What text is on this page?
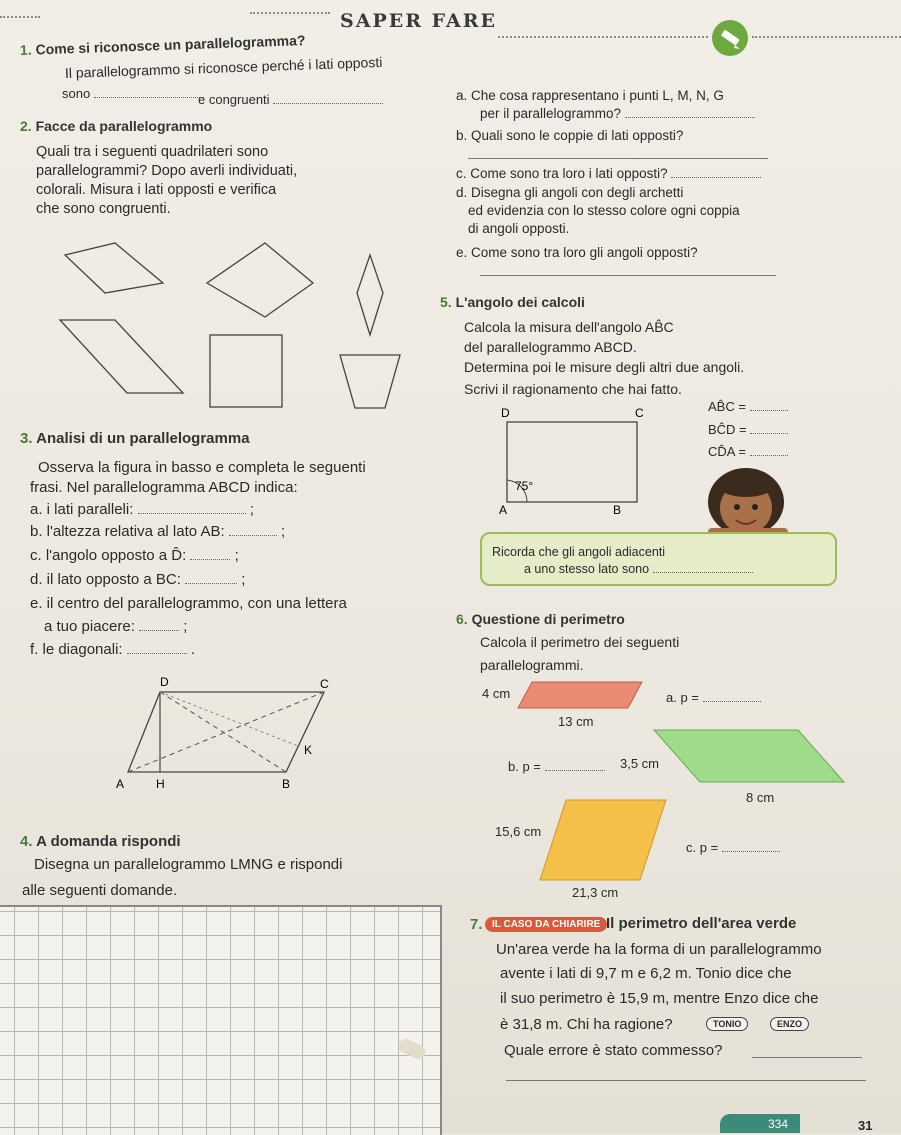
SAPER FARE
1. Come si riconosce un parallelogramma?
Il parallelogrammo si riconosce perché i lati opposti
sono	e congruenti
2. Facce da parallelogrammo
Quali tra i seguenti quadrilateri sono
parallelogrammi? Dopo averli individuati,
colorali. Misura i lati opposti e verifica
che sono congruenti.
a. Che cosa rappresentano i punti L, M, N, G
per il parallelogrammo?
b. Quali sono le coppie di lati opposti?
c. Come sono tra loro i lati opposti?
d. Disegna gli angoli con degli archetti
ed evidenzia con lo stesso colore ogni coppia
di angoli opposti.
e. Come sono tra loro gli angoli opposti?
5. L'angolo dei calcoli
Calcola la misura dell'angolo AB̂C
del parallelogrammo ABCD.
Determina poi le misure degli altri due angoli.
Scrivi il ragionamento che hai fatto.
D	C
A	B
75°
AB̂C =
BĈD =
CD̂A =
Ricorda che gli angoli adiacenti
a uno stesso lato sono
3. Analisi di un parallelogramma
Osserva la figura in basso e completa le seguenti
frasi. Nel parallelogramma ABCD indica:
a. i lati paralleli:	;
b. l'altezza relativa al lato AB:	;
c. l'angolo opposto a D̂:	;
d. il lato opposto a BC:	;
e. il centro del parallelogrammo, con una lettera
a tuo piacere:	;
f. le diagonali:	.
D	C
K
A	H	B
6. Questione di perimetro
Calcola il perimetro dei seguenti
parallelogrammi.
4 cm
13 cm
a. p =
b. p =	3,5 cm
8 cm
15,6 cm
21,3 cm
c. p =
4. A domanda rispondi
Disegna un parallelogrammo LMNG e rispondi
alle seguenti domande.
7. IL CASO DA CHIARIRE Il perimetro dell'area verde
Un'area verde ha la forma di un parallelogrammo
avente i lati di 9,7 m e 6,2 m. Tonio dice che
il suo perimetro è 15,9 m, mentre Enzo dice che
è 31,8 m. Chi ha ragione?	TONIO	ENZO
Quale errore è stato commesso?
334	31
